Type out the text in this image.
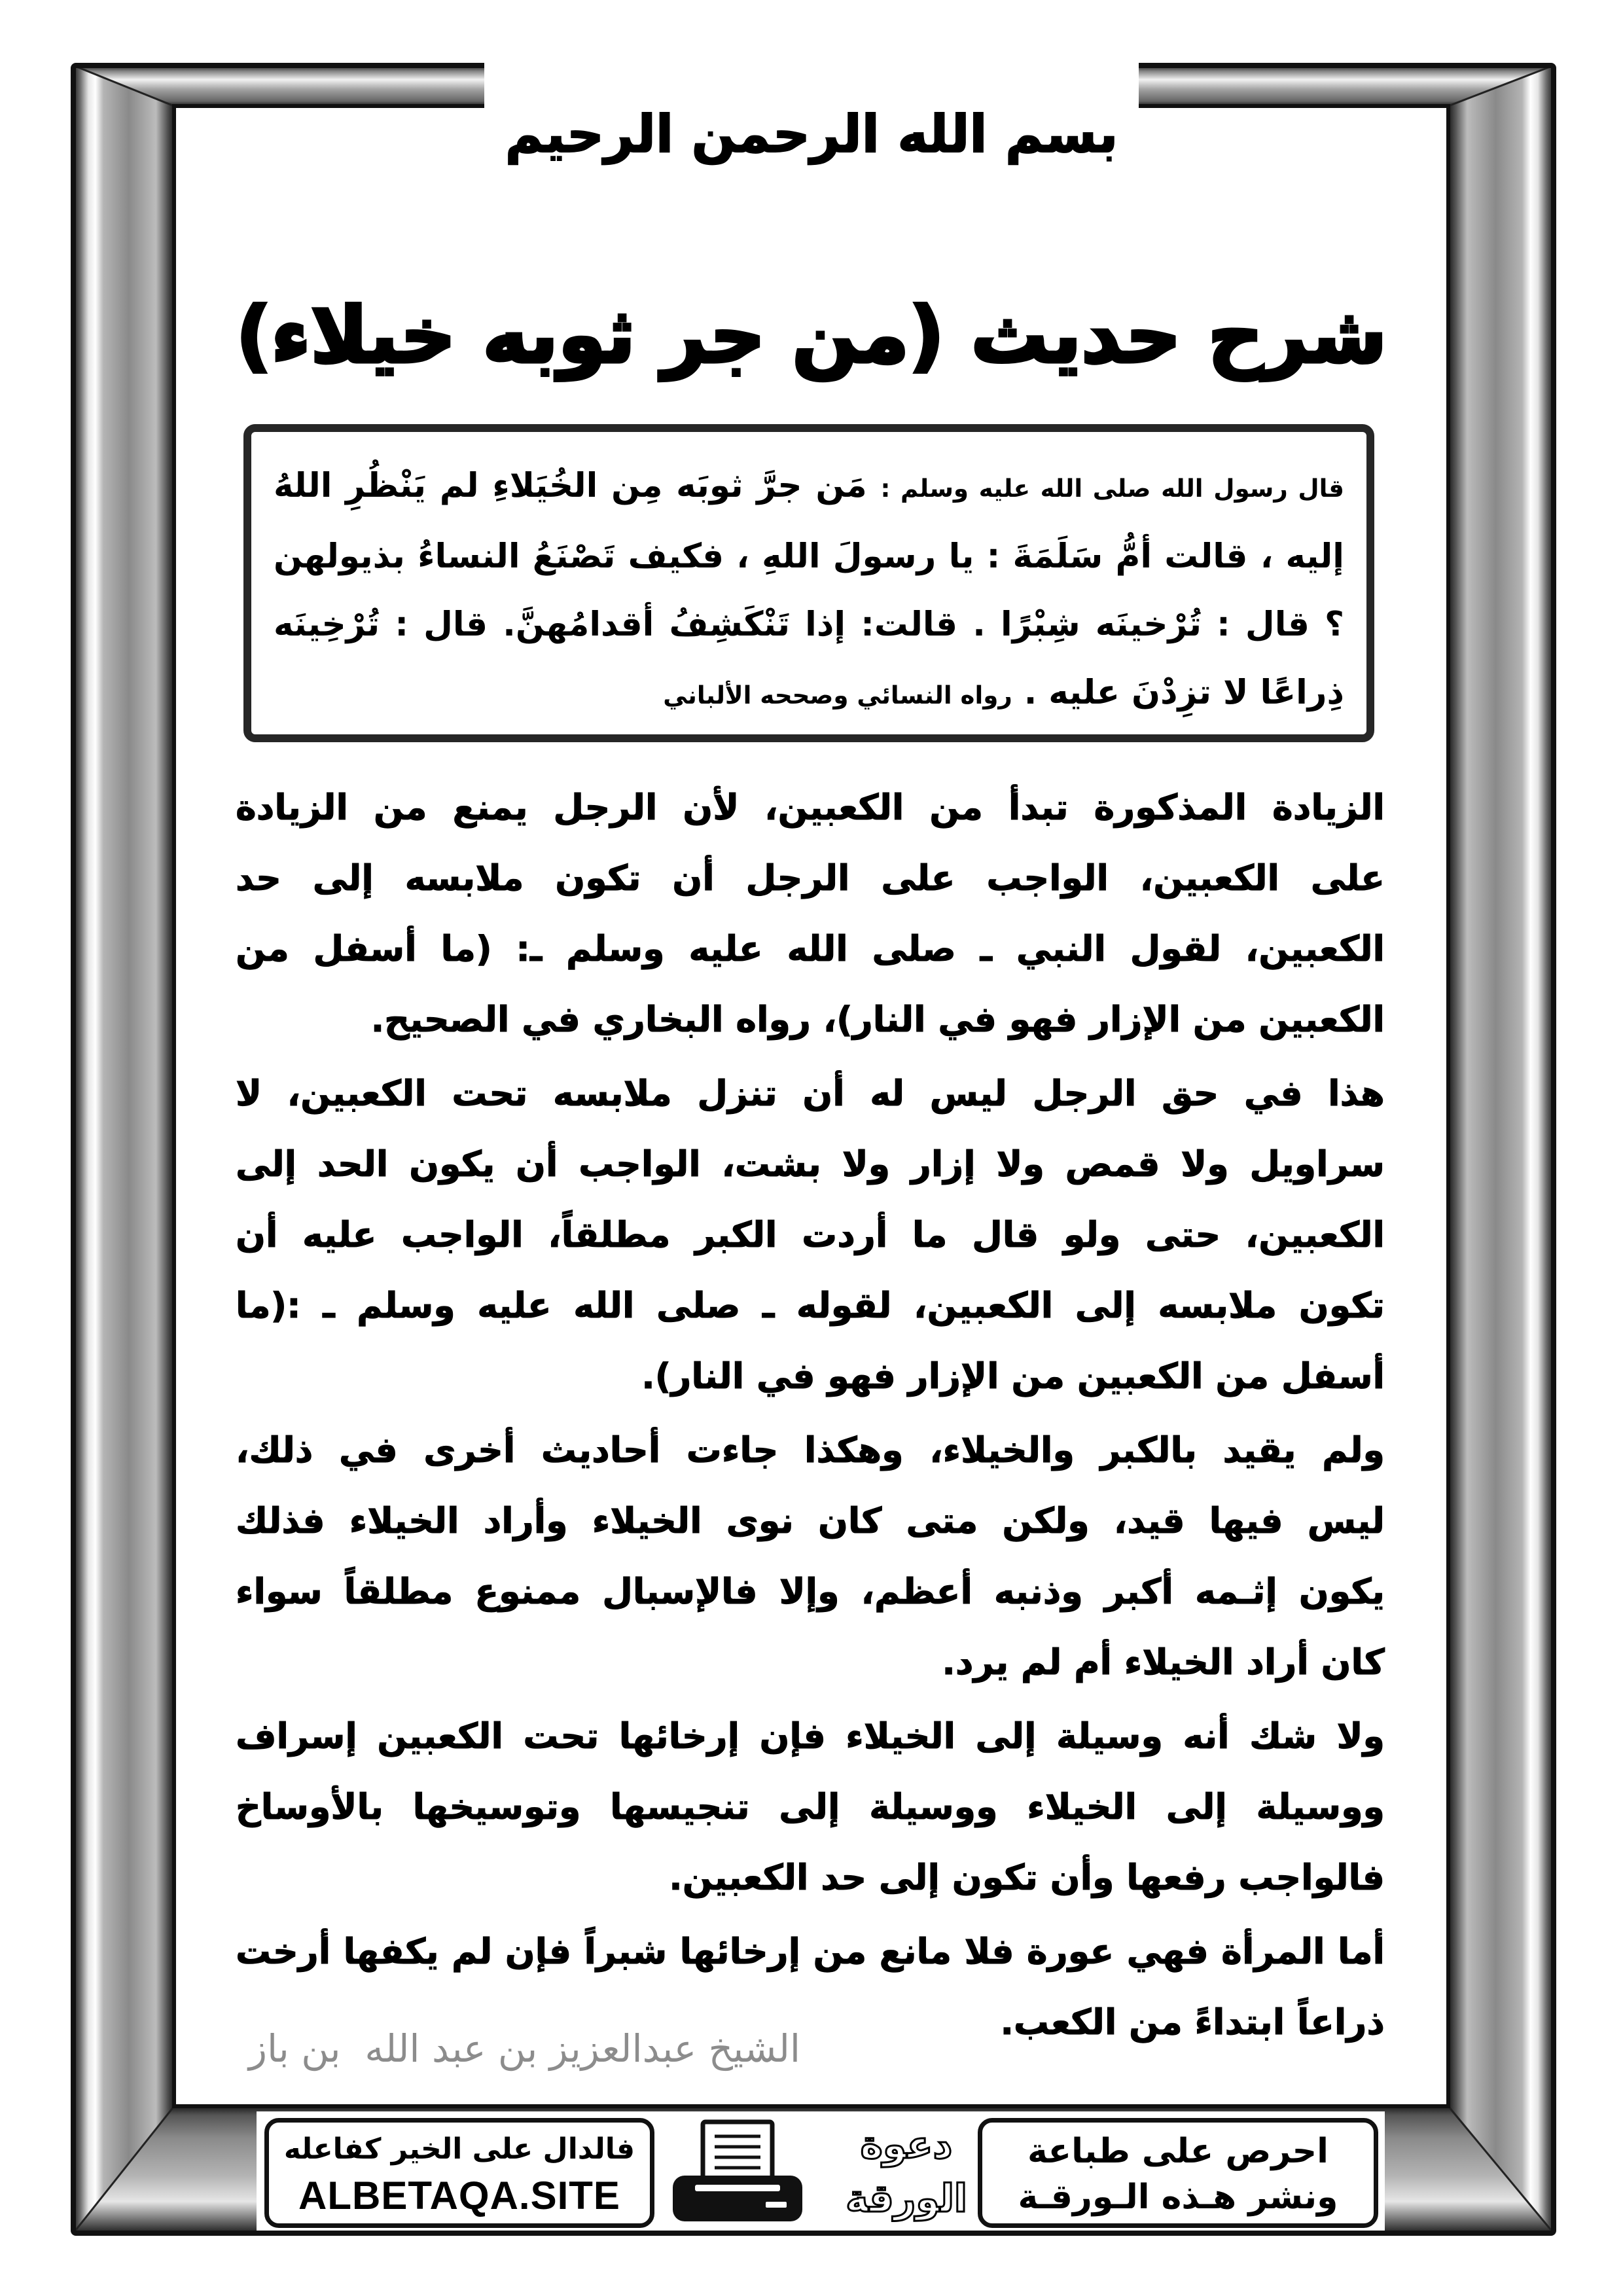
بسم الله الرحمن الرحيم
شرح حديث (من جر ثوبه خيلاء)
قال رسول الله صلى الله عليه وسلم : مَن جرَّ ثوبَه مِن الخُيَلاءِ لم يَنْظُرِ اللهُ
إليه ، قالت أمُّ سَلَمَةَ : يا رسولَ اللهِ ، فكيف تَصْنَعُ النساءُ بذيولهن
؟ قال : تُرْخينَه شِبْرًا . قالت: إذا تَنْكَشِفُ أقدامُهنَّ. قال : تُرْخِينَه
ذِراعًا لا تزِدْنَ عليه . رواه النسائي وصححه الألباني
الزيادة المذكورة تبدأ من الكعبين، لأن الرجل يمنع من الزيادة
على الكعبين، الواجب على الرجل أن تكون ملابسه إلى حد
الكعبين، لقول النبي ـ صلى الله عليه وسلم ـ: (ما أسفل من
الكعبين من الإزار فهو في النار)، رواه البخاري في الصحيح.
هذا في حق الرجل ليس له أن تنزل ملابسه تحت الكعبين، لا
سراويل ولا قمص ولا إزار ولا بشت، الواجب أن يكون الحد إلى
الكعبين، حتى ولو قال ما أردت الكبر مطلقاً، الواجب عليه أن
تكون ملابسه إلى الكعبين، لقوله ـ صلى الله عليه وسلم ـ :(ما
أسفل من الكعبين من الإزار فهو في النار).
ولم يقيد بالكبر والخيلاء، وهكذا جاءت أحاديث أخرى في ذلك،
ليس فيها قيد، ولكن متى كان نوى الخيلاء وأراد الخيلاء فذلك
يكون إثـمه أكبر وذنبه أعظم، وإلا فالإسبال ممنوع مطلقاً سواء
كان أراد الخيلاء أم لم يرد.
ولا شك أنه وسيلة إلى الخيلاء فإن إرخائها تحت الكعبين إسراف
ووسيلة إلى الخيلاء ووسيلة إلى تنجيسها وتوسيخها بالأوساخ
فالواجب رفعها وأن تكون إلى حد الكعبين.
أما المرأة فهي عورة فلا مانع من إرخائها شبراً فإن لم يكفها أرخت
ذراعاً ابتداءً من الكعب.
الشيخ عبدالعزيز بن عبد الله  بن باز
فالدال على الخير كفاعله
ALBETAQA.SITE
دعوة
الورقة
احرص على طباعة
ونشر هـذه الـورقـة
